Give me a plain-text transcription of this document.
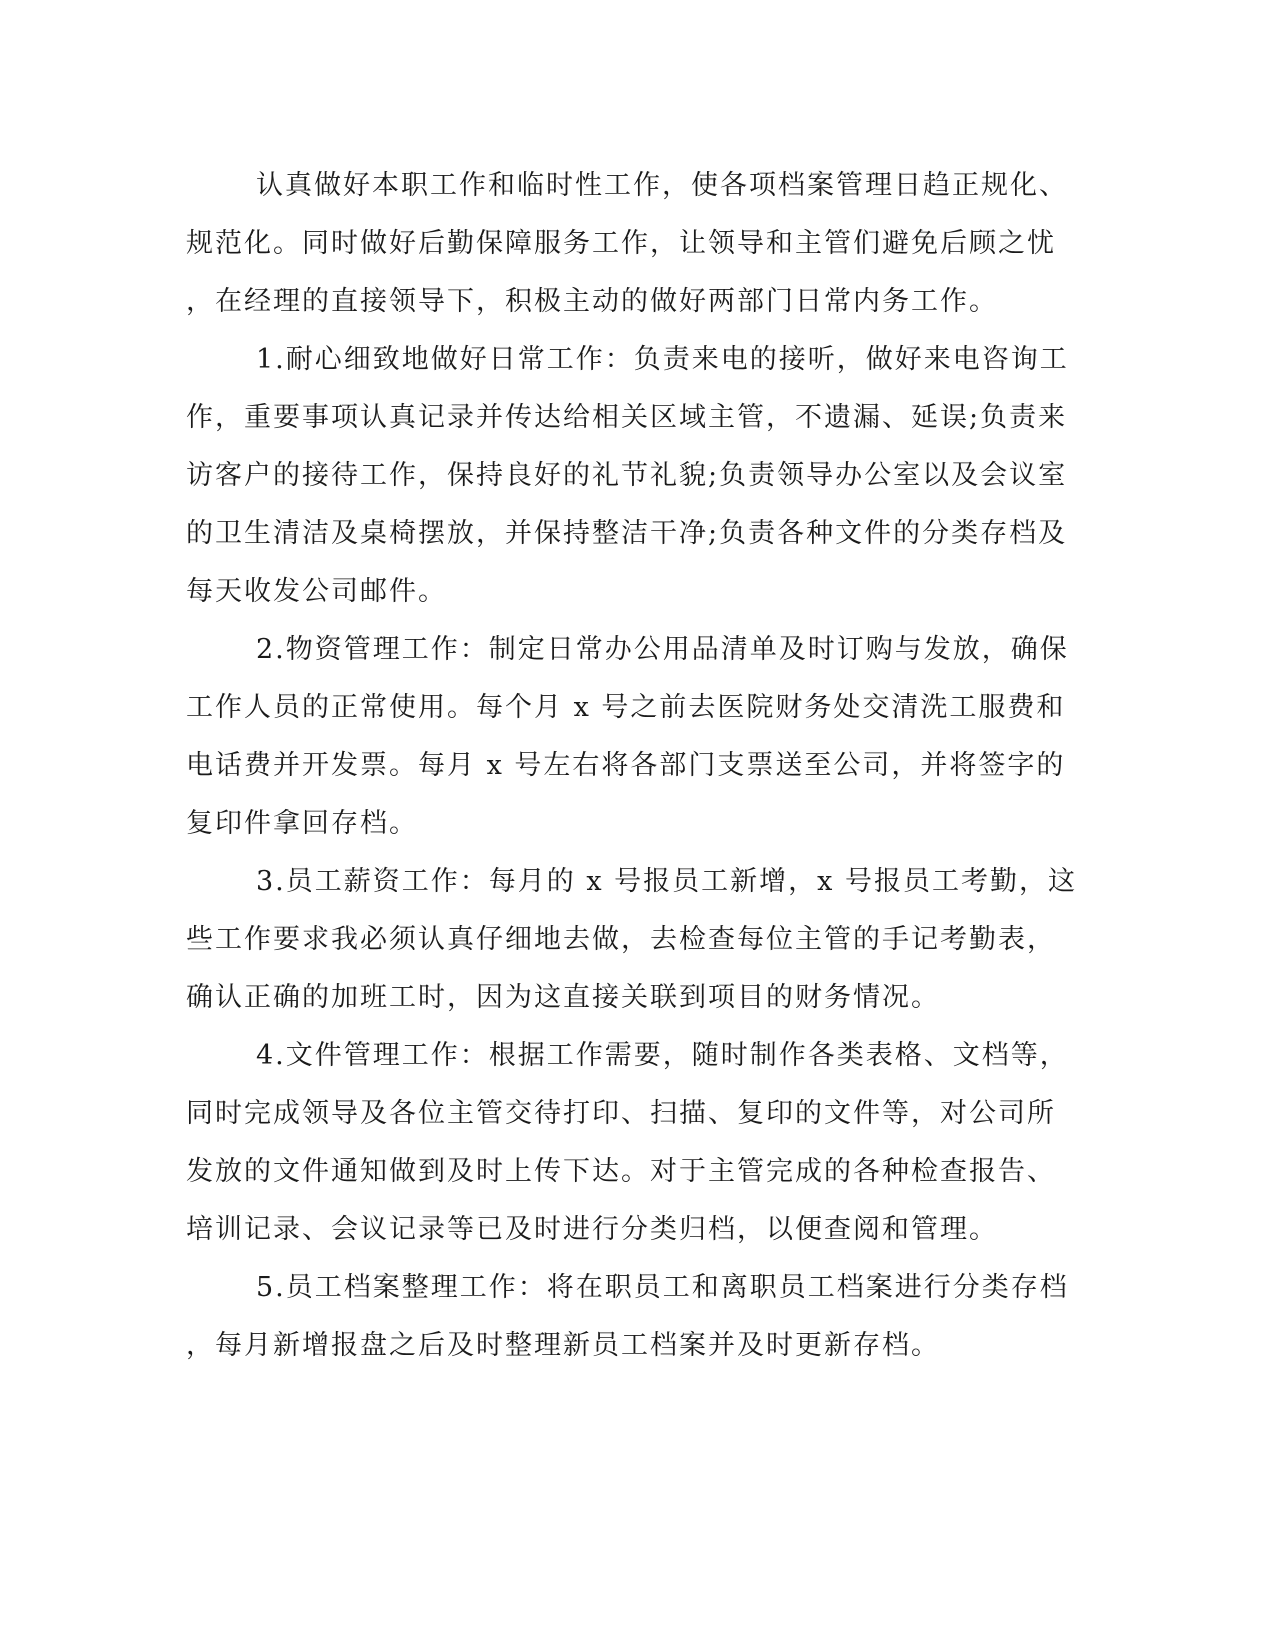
认真做好本职工作和临时性工作，使各项档案管理日趋正规化、
规范化。同时做好后勤保障服务工作，让领导和主管们避免后顾之忧
，在经理的直接领导下，积极主动的做好两部门日常内务工作。
1.耐心细致地做好日常工作：负责来电的接听，做好来电咨询工
作，重要事项认真记录并传达给相关区域主管，不遗漏、延误;负责来
访客户的接待工作，保持良好的礼节礼貌;负责领导办公室以及会议室
的卫生清洁及桌椅摆放，并保持整洁干净;负责各种文件的分类存档及
每天收发公司邮件。
2.物资管理工作：制定日常办公用品清单及时订购与发放，确保
工作人员的正常使用。每个月 x 号之前去医院财务处交清洗工服费和
电话费并开发票。每月 x 号左右将各部门支票送至公司，并将签字的
复印件拿回存档。
3.员工薪资工作：每月的 x 号报员工新增，x 号报员工考勤，这
些工作要求我必须认真仔细地去做，去检查每位主管的手记考勤表，
确认正确的加班工时，因为这直接关联到项目的财务情况。
4.文件管理工作：根据工作需要，随时制作各类表格、文档等，
同时完成领导及各位主管交待打印、扫描、复印的文件等，对公司所
发放的文件通知做到及时上传下达。对于主管完成的各种检查报告、
培训记录、会议记录等已及时进行分类归档，以便查阅和管理。
5.员工档案整理工作：将在职员工和离职员工档案进行分类存档
，每月新增报盘之后及时整理新员工档案并及时更新存档。
